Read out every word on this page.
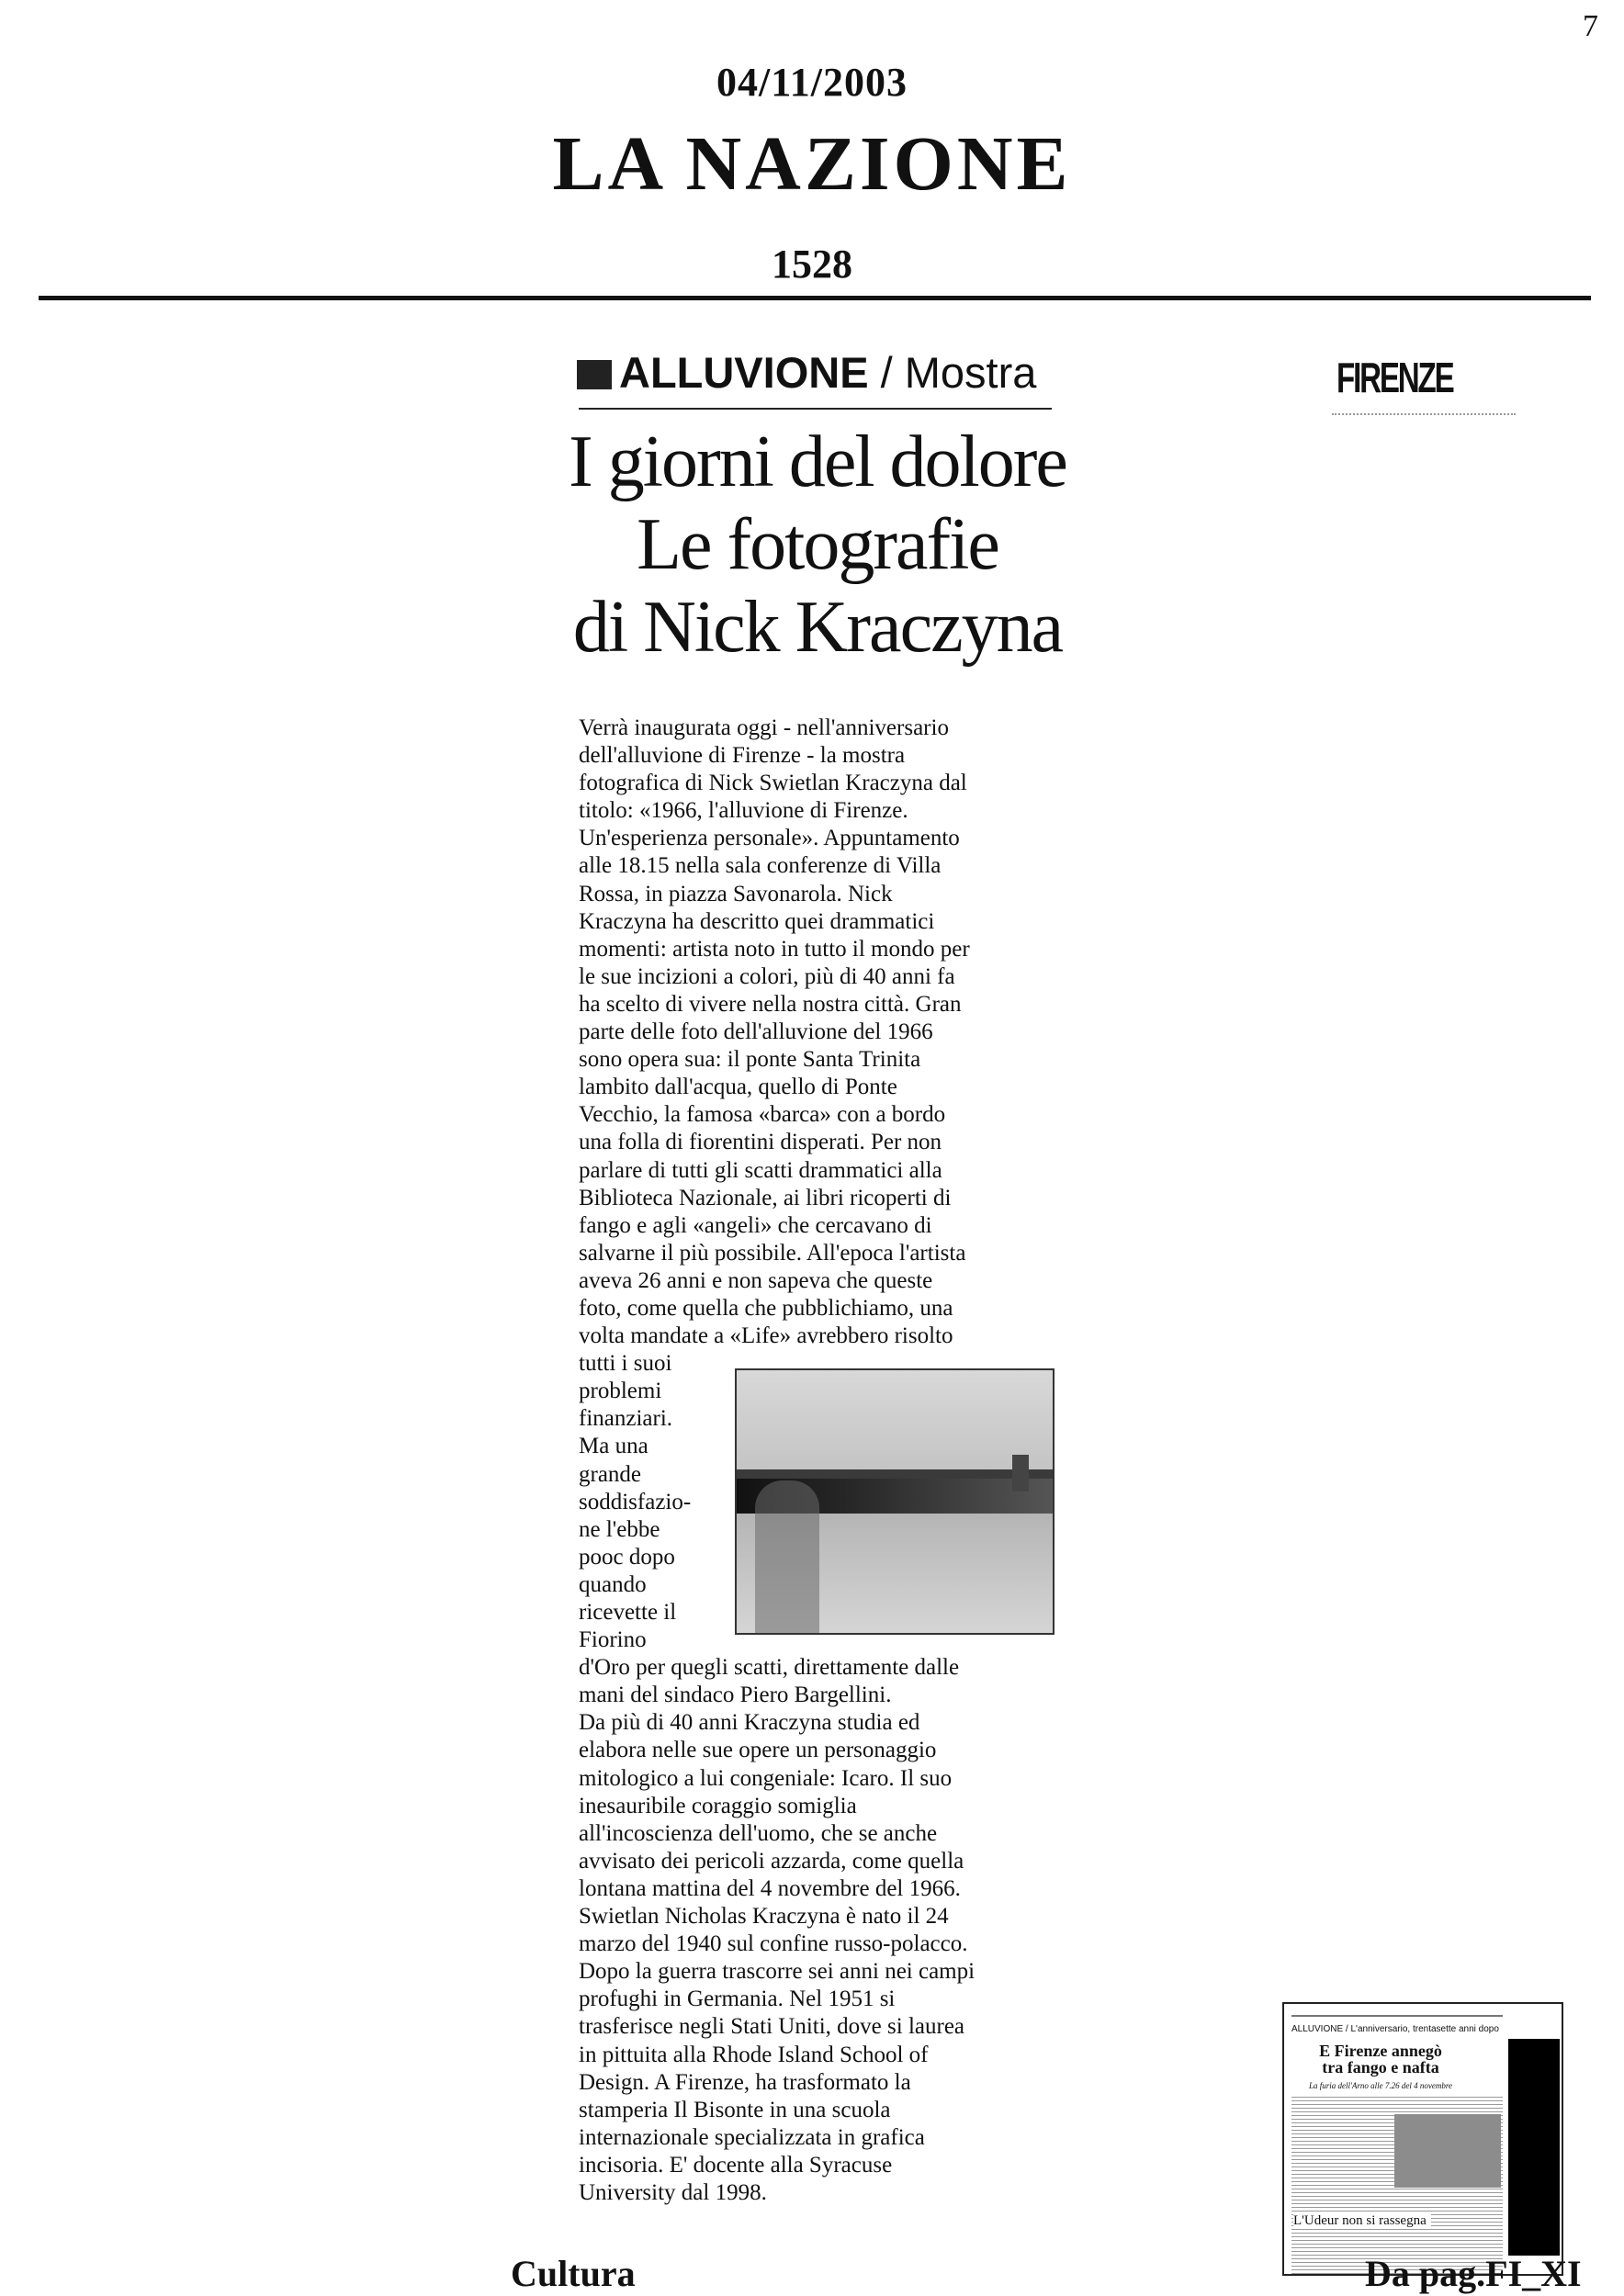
7
04/11/2003
LA NAZIONE
1528
ALLUVIONE / Mostra	FIRENZE
I giorni del dolore
Le fotografie
di Nick Kraczyna
Verrà inaugurata oggi - nell'anniversario
dell'alluvione di Firenze - la mostra
fotografica di Nick Swietlan Kraczyna dal
titolo: «1966, l'alluvione di Firenze.
Un'esperienza personale». Appuntamento
alle 18.15 nella sala conferenze di Villa
Rossa, in piazza Savonarola. Nick
Kraczyna ha descritto quei drammatici
momenti: artista noto in tutto il mondo per
le sue incizioni a colori, più di 40 anni fa
ha scelto di vivere nella nostra città. Gran
parte delle foto dell'alluvione del 1966
sono opera sua: il ponte Santa Trinita
lambito dall'acqua, quello di Ponte
Vecchio, la famosa «barca» con a bordo
una folla di fiorentini disperati. Per non
parlare di tutti gli scatti drammatici alla
Biblioteca Nazionale, ai libri ricoperti di
fango e agli «angeli» che cercavano di
salvarne il più possibile. All'epoca l'artista
aveva 26 anni e non sapeva che queste
foto, come quella che pubblichiamo, una
volta mandate a «Life» avrebbero risolto
tutti i suoi
problemi
finanziari.
Ma una
grande
soddisfazio-
ne l'ebbe
pooc dopo
quando
ricevette il
Fiorino
d'Oro per quegli scatti, direttamente dalle
mani del sindaco Piero Bargellini.
Da più di 40 anni Kraczyna studia ed
elabora nelle sue opere un personaggio
mitologico a lui congeniale: Icaro. Il suo
inesauribile coraggio somiglia
all'incoscienza dell'uomo, che se anche
avvisato dei pericoli azzarda, come quella
lontana mattina del 4 novembre del 1966.
Swietlan Nicholas Kraczyna è nato il 24
marzo del 1940 sul confine russo-polacco.
Dopo la guerra trascorre sei anni nei campi
profughi in Germania. Nel 1951 si
trasferisce negli Stati Uniti, dove si laurea
in pittuita alla Rhode Island School of
Design. A Firenze, ha trasformato la
stamperia Il Bisonte in una scuola
internazionale specializzata in grafica
incisoria. E' docente alla Syracuse
University dal 1998.
ALLUVIONE / L'anniversario, trentasette anni dopo
E Firenze annegò
tra fango e nafta
La furia dell'Arno alle 7.26 del 4 novembre
L'Udeur non si rassegna
Cultura	Da pag.FI_XI
